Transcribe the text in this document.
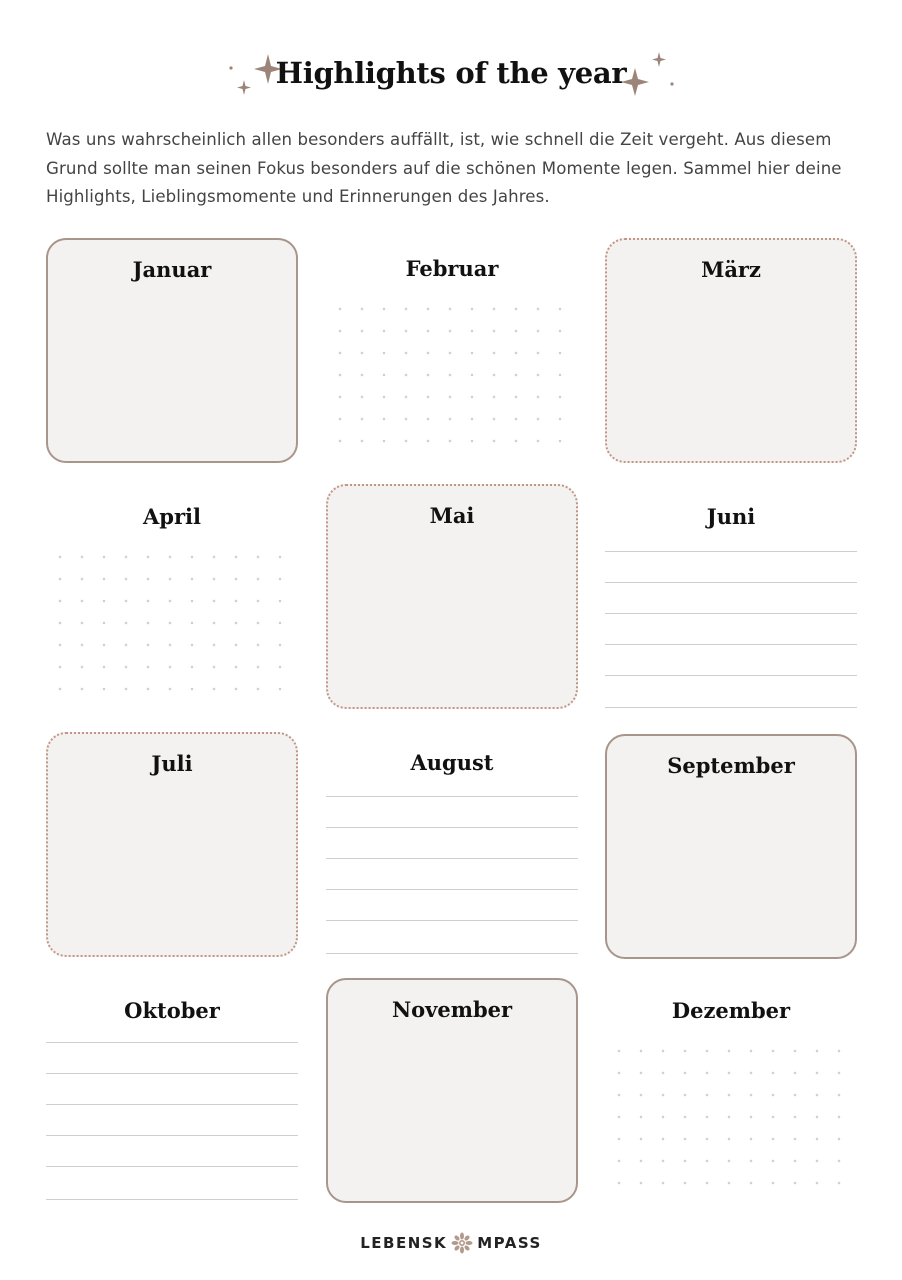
Highlights of the year

Was uns wahrscheinlich allen besonders auffällt, ist, wie schnell die Zeit vergeht. Aus diesem Grund sollte man seinen Fokus besonders auf die schönen Momente legen. Sammel hier deine Highlights, Lieblingsmomente und Erinnerungen des Jahres.

Januar	Februar	März
April	Mai	Juni
Juli	August	September
Oktober	November	Dezember
LEBENSK MPASS
